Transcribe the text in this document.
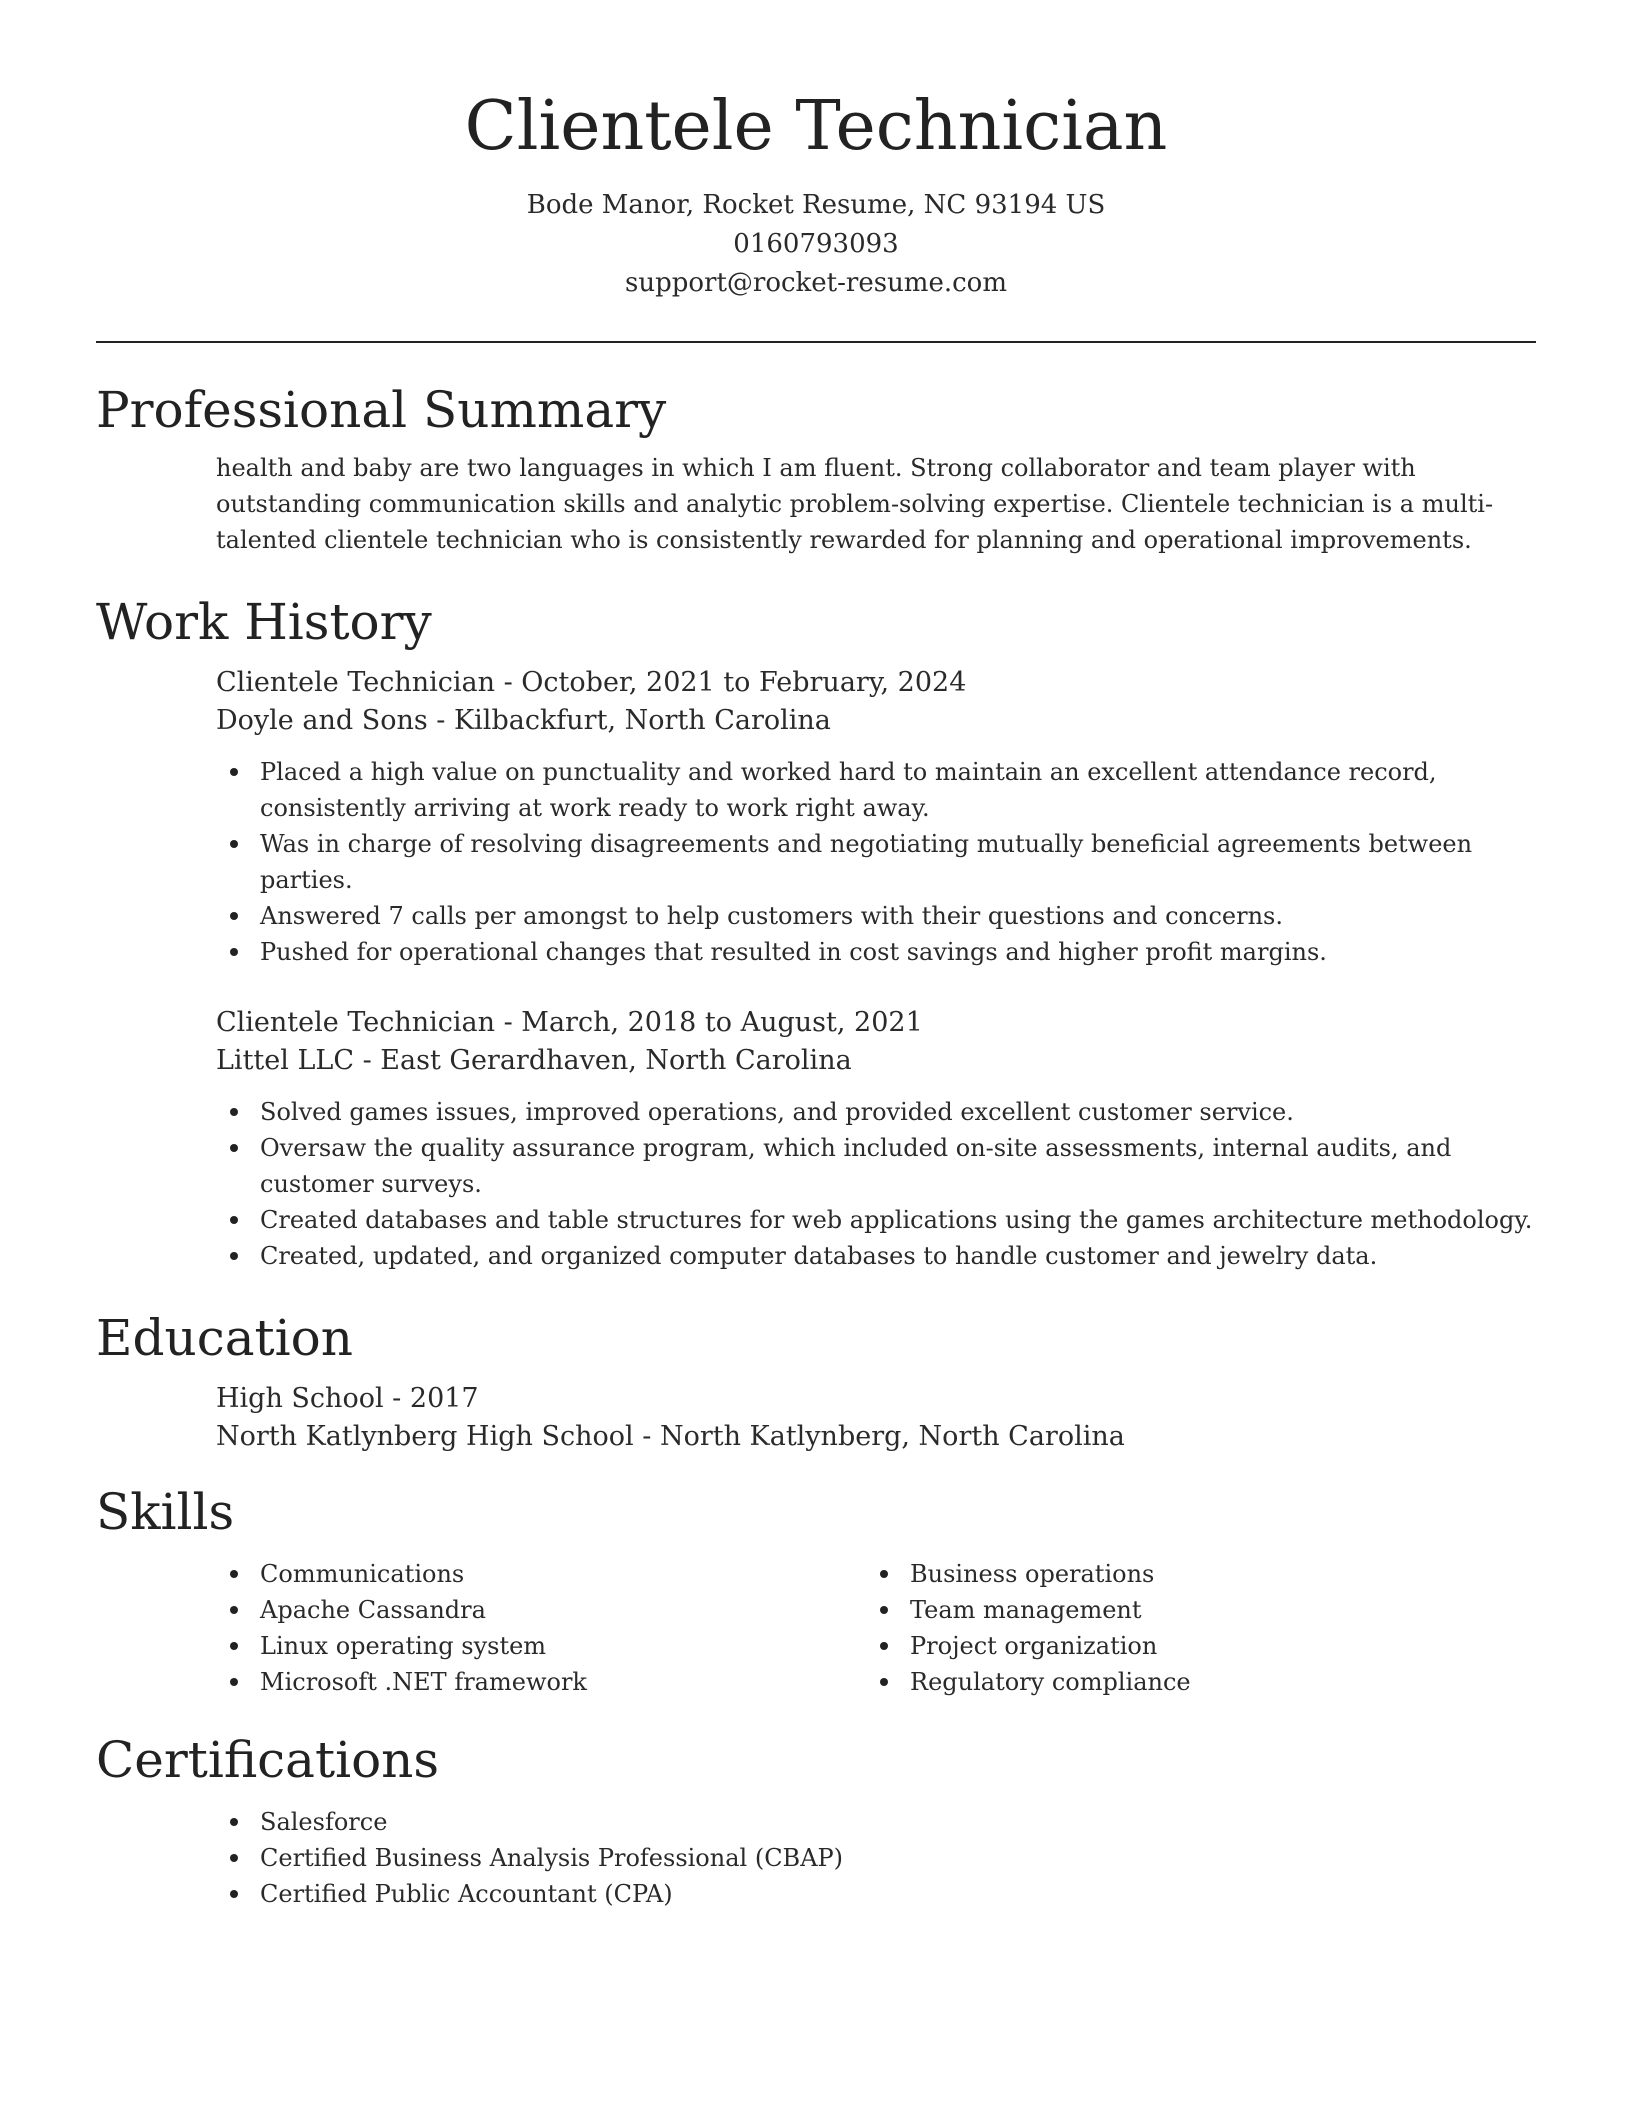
Clientele Technician
Bode Manor, Rocket Resume, NC 93194 US
0160793093
support@rocket-resume.com
Professional Summary

health and baby are two languages in which I am fluent. Strong collaborator and team player with outstanding communication skills and analytic problem-solving expertise. Clientele technician is a multi-talented clientele technician who is consistently rewarded for planning and operational improvements.

Work History
Clientele Technician - October, 2021 to February, 2024
Doyle and Sons - Kilbackfurt, North Carolina
Placed a high value on punctuality and worked hard to maintain an excellent attendance record, consistently arriving at work ready to work right away.
Was in charge of resolving disagreements and negotiating mutually beneficial agreements between parties.
Answered 7 calls per amongst to help customers with their questions and concerns.
Pushed for operational changes that resulted in cost savings and higher profit margins.
Clientele Technician - March, 2018 to August, 2021
Littel LLC - East Gerardhaven, North Carolina
Solved games issues, improved operations, and provided excellent customer service.
Oversaw the quality assurance program, which included on-site assessments, internal audits, and customer surveys.
Created databases and table structures for web applications using the games architecture methodology.
Created, updated, and organized computer databases to handle customer and jewelry data.
Education
High School - 2017
North Katlynberg High School - North Katlynberg, North Carolina
Skills
Communications
Apache Cassandra
Linux operating system
Microsoft .NET framework
Business operations
Team management
Project organization
Regulatory compliance
Certifications
Salesforce
Certified Business Analysis Professional (CBAP)
Certified Public Accountant (CPA)
